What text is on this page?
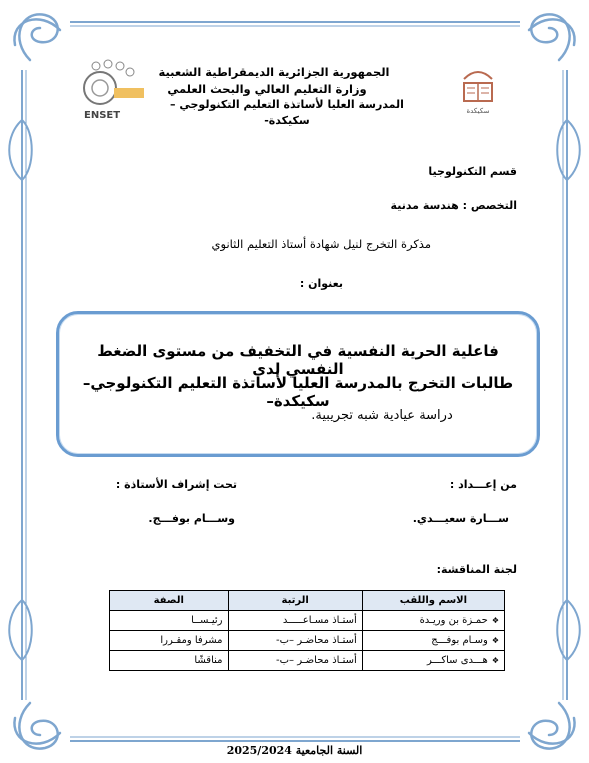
ENSET	سكيكدة
الجمهورية الجزائرية الديمقراطية الشعبية
وزارة التعليم العالي والبحث العلمي
المدرسة العليا لأساتذة التعليم التكنولوجي –سكيكدة-
قسم التكنولوجيا
التخصص : هندسة مدنية
مذكرة التخرج لنيل شهادة أستاذ التعليم الثانوي
بعنوان :
فاعلية الحرية النفسية في التخفيف من مستوى الضغط النفسي لدى
طالبات التخرج بالمدرسة العليا لأساتذة التعليم التكنولوجي–سكيكدة–
دراسة عيادية شبه تجريبية.
من إعـــداد :
تحت إشراف الأستاذة :
ســـارة سعيـــدي.
وســـام بوفـــج.
لجنة المناقشة:
الاسم واللقب	الرتبة	الصفة
❖حمـزة بن وريـدة	أستـاذ مسـاعـــــد	رئيـســا
❖وسـام بوفـــج	أستـاذ محاضـر –ب-	مشرفا ومقـررا
❖هـــدى ساكـــر	أستـاذ محاضـر –ب-	مناقشًا
السنة الجامعية 2025/2024
